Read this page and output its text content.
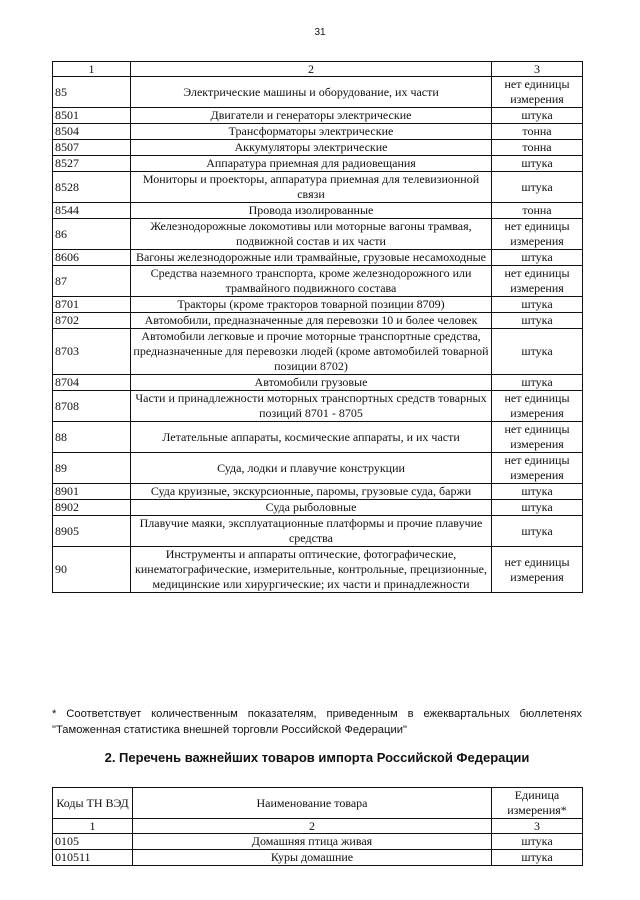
31
1	2	3
85	Электрические машины и оборудование, их части	нет единицы измерения
8501	Двигатели и генераторы электрические	штука
8504	Трансформаторы электрические	тонна
8507	Аккумуляторы электрические	тонна
8527	Аппаратура приемная для радиовещания	штука
8528	Мониторы и проекторы, аппаратура приемная для телевизионной связи	штука
8544	Провода изолированные	тонна
86	Железнодорожные локомотивы или моторные вагоны трамвая, подвижной состав и их части	нет единицы измерения
8606	Вагоны железнодорожные или трамвайные, грузовые несамоходные	штука
87	Средства наземного транспорта, кроме железнодорожного или трамвайного подвижного состава	нет единицы измерения
8701	Тракторы (кроме тракторов товарной позиции 8709)	штука
8702	Автомобили, предназначенные для перевозки 10 и более человек	штука
8703	Автомобили легковые и прочие моторные транспортные средства, предназначенные для перевозки людей (кроме автомобилей товарной позиции 8702)	штука
8704	Автомобили грузовые	штука
8708	Части и принадлежности моторных транспортных средств товарных позиций 8701 - 8705	нет единицы измерения
88	Летательные аппараты, космические аппараты, и их части	нет единицы измерения
89	Суда, лодки и плавучие конструкции	нет единицы измерения
8901	Суда круизные, экскурсионные, паромы, грузовые суда, баржи	штука
8902	Суда рыболовные	штука
8905	Плавучие маяки, эксплуатационные платформы и прочие плавучие средства	штука
90	Инструменты и аппараты оптические, фотографические, кинематографические, измерительные, контрольные, прецизионные, медицинские или хирургические; их части и принадлежности	нет единицы измерения
* Соответствует количественным показателям, приведенным в ежеквартальных бюллетенях "Таможенная статистика внешней торговли Российской Федерации"
2. Перечень важнейших товаров импорта Российской Федерации
Коды ТН ВЭД	Наименование товара	Единица измерения*
1	2	3
0105	Домашняя птица живая	штука
010511	Куры домашние	штука
